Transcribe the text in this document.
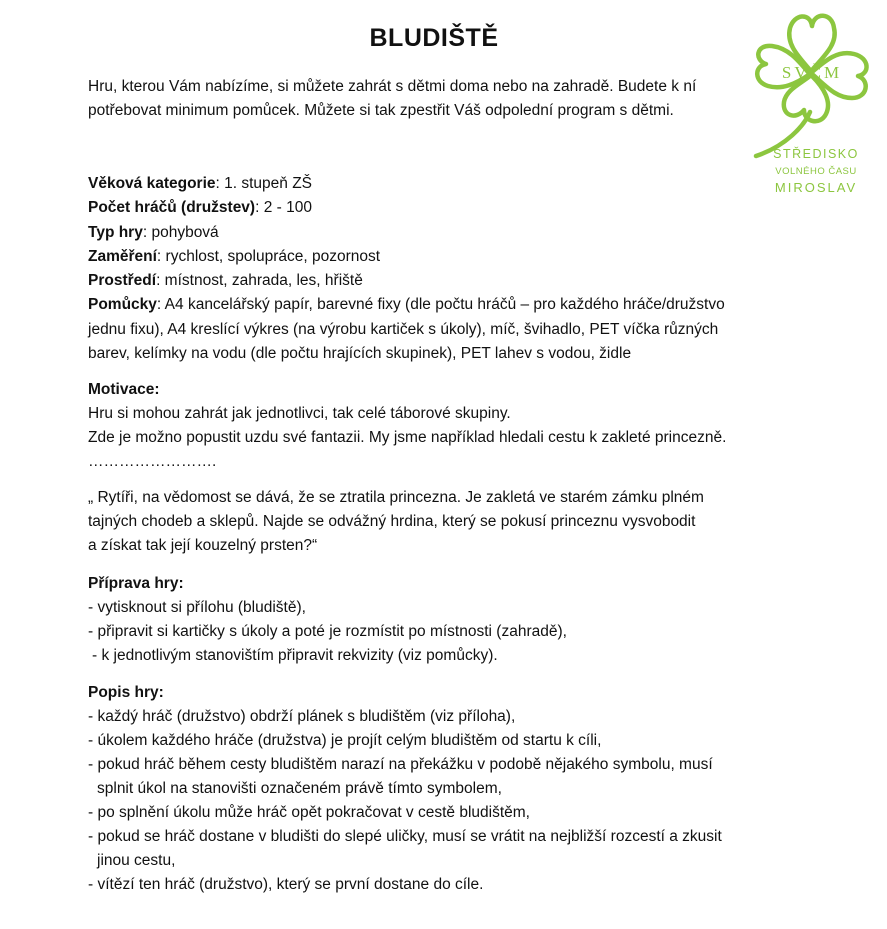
BLUDIŠTĚ
SVČM
STŘEDISKO
VOLNÉHO ČASU
MIROSLAV
Hru, kterou Vám nabízíme, si můžete zahrát s dětmi doma nebo na zahradě. Budete k ní
potřebovat minimum pomůcek. Můžete si tak zpestřit Váš odpolední program s dětmi.

Věková kategorie: 1. stupeň ZŠ

Počet hráčů (družstev): 2 - 100

Typ hry: pohybová

Zaměření: rychlost, spolupráce, pozornost

Prostředí: místnost, zahrada, les, hřiště

Pomůcky: A4 kancelářský papír, barevné fixy (dle počtu hráčů – pro každého hráče/družstvo

jednu fixu), A4 kreslící výkres (na výrobu kartiček s úkoly), míč, švihadlo, PET víčka různých

barev, kelímky na vodu (dle počtu hrajících skupinek), PET lahev s vodou, židle

Motivace:

Hru si mohou zahrát jak jednotlivci, tak celé táborové skupiny.

Zde je možno popustit uzdu své fantazii. My jsme například hledali cestu k zakleté princezně.

…………………….

„ Rytíři, na vědomost se dává, že se ztratila princezna. Je zakletá ve starém zámku plném

tajných chodeb a sklepů. Najde se odvážný hrdina, který se pokusí princeznu vysvobodit

a získat tak její kouzelný prsten?“

Příprava hry:

- vytisknout si přílohu (bludiště),

- připravit si kartičky s úkoly a poté je rozmístit po místnosti (zahradě),

- k jednotlivým stanovištím připravit rekvizity (viz pomůcky).

Popis hry:

- každý hráč (družstvo) obdrží plánek s bludištěm (viz příloha),

- úkolem každého hráče (družstva) je projít celým bludištěm od startu k cíli,

- pokud hráč během cesty bludištěm narazí na překážku v podobě nějakého symbolu, musí

splnit úkol na stanovišti označeném právě tímto symbolem,

- po splnění úkolu může hráč opět pokračovat v cestě bludištěm,

- pokud se hráč dostane v bludišti do slepé uličky, musí se vrátit na nejbližší rozcestí a zkusit

jinou cestu,

- vítězí ten hráč (družstvo), který se první dostane do cíle.
